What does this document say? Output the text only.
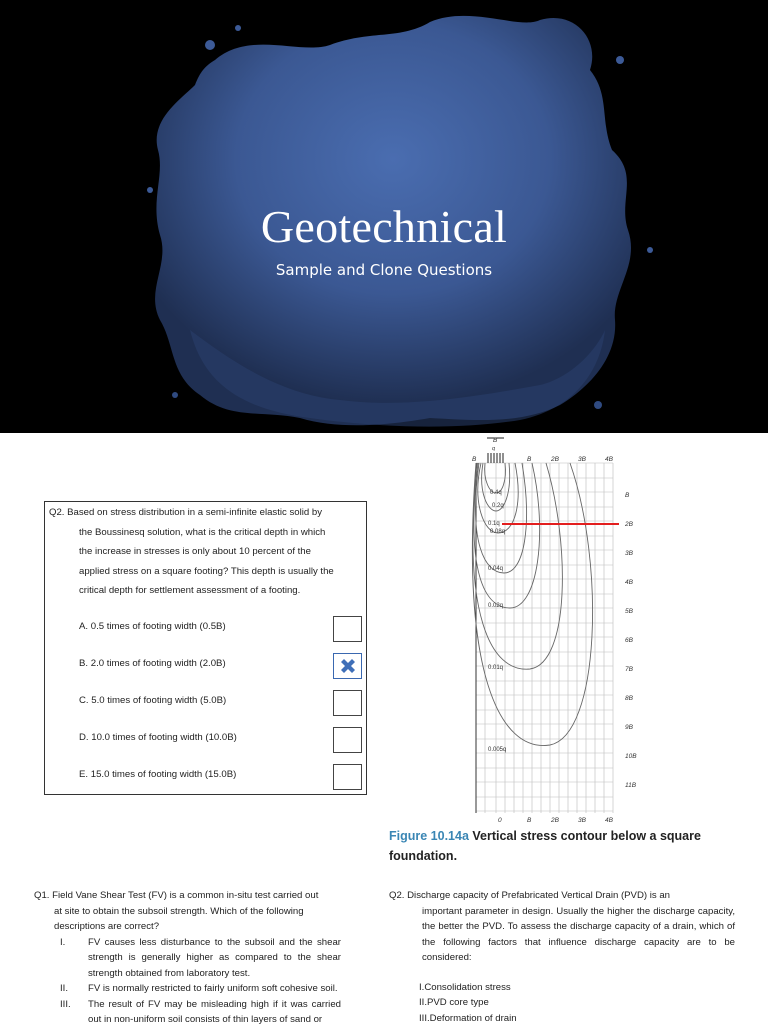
Geotechnical
Sample and Clone Questions
Q2. Based on stress distribution in a semi-infinite elastic solid by
the Boussinesq solution, what is the critical depth in which
the increase in stresses is only about 10 percent of the
applied stress on a square footing? This depth is usually the
critical depth for settlement assessment of a footing.
A. 0.5 times of footing width (0.5B)
B. 2.0 times of footing width (2.0B)
C. 5.0 times of footing width (5.0B)
D. 10.0 times of footing width (10.0B)
E. 15.0 times of footing width (15.0B)
B
q
B	B	2B	3B	4B
B
2B
3B
4B
5B
6B
7B
8B
9B
10B
11B
0	B	2B	3B	4B
0.4q
0.2q
0.1q
0.08q
0.04q
0.02q
0.01q
0.005q
Figure 10.14a Vertical stress contour below a square foundation.
Q1. Field Vane Shear Test (FV) is a common in-situ test carried out
at site to obtain the subsoil strength. Which of the following
descriptions are correct?
I.	FV causes less disturbance to the subsoil and the shear strength is generally higher as compared to the shear strength obtained from laboratory test.
II.	FV is normally restricted to fairly uniform soft cohesive soil.
III.	The result of FV may be misleading high if it was carried out in non-uniform soil consists of thin layers of sand or
Q2. Discharge capacity of Prefabricated Vertical Drain (PVD) is an
important parameter in design. Usually the higher the discharge capacity, the better the PVD. To assess the discharge capacity of a drain, which of the following factors that influence discharge capacity are to be considered:
I.Consolidation stress
II.PVD core type
III.Deformation of drain
